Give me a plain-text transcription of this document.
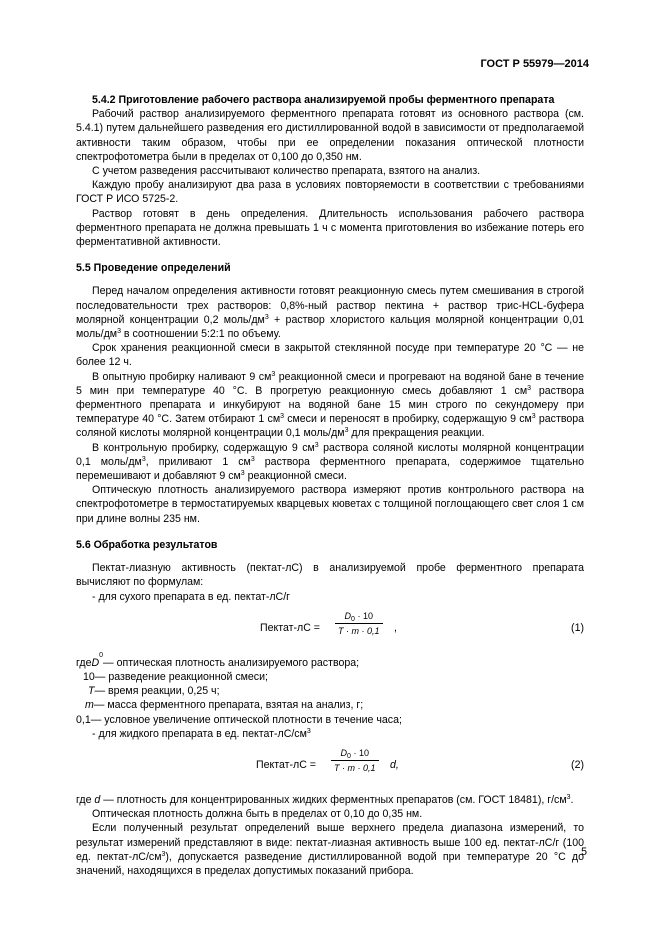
ГОСТ Р 55979—2014

5.4.2 Приготовление рабочего раствора анализируемой пробы ферментного препарата

Рабочий раствор анализируемого ферментного препарата готовят из основного раствора (см. 5.4.1) путем дальнейшего разведения его дистиллированной водой в зависимости от предполагаемой активности таким образом, чтобы при ее определении показания оптической плотности спектрофотометра были в пределах от 0,100 до 0,350 нм.

С учетом разведения рассчитывают количество препарата, взятого на анализ.

Каждую пробу анализируют два раза в условиях повторяемости в соответствии с требованиями ГОСТ Р ИСО 5725-2.

Раствор готовят в день определения. Длительность использования рабочего раствора ферментного препарата не должна превышать 1 ч с момента приготовления во избежание потерь его ферментативной активности.

5.5 Проведение определений

Перед началом определения активности готовят реакционную смесь путем смешивания в строгой последовательности трех растворов: 0,8%-ный раствор пектина + раствор трис-HCL-буфера молярной концентрации 0,2 моль/$дм^3$ + раствор хлористого кальция молярной концентрации 0,01 моль/$дм^3$ в соотношении 5:2:1 по объему.

Срок хранения реакционной смеси в закрытой стеклянной посуде при температуре 20 °С — не более 12 ч.

В опытную пробирку наливают 9 $см^3$ реакционной смеси и прогревают на водяной бане в течение 5 мин при температуре 40 °С. В прогретую реакционную смесь добавляют 1 $см^3$ раствора ферментного препарата и инкубируют на водяной бане 15 мин строго по секундомеру при температуре 40 °С. Затем отбирают 1 $см^3$ смеси и переносят в пробирку, содержащую 9 $см^3$ раствора соляной кислоты молярной концентрации 0,1 моль/$дм^3$ для прекращения реакции.

В контрольную пробирку, содержащую 9 $см^3$ раствора соляной кислоты молярной концентрации 0,1 моль/$дм^3$, приливают 1 $см^3$ раствора ферментного препарата, содержимое тщательно перемешивают и добавляют 9 $см^3$ реакционной смеси.

Оптическую плотность анализируемого раствора измеряют против контрольного раствора на спектрофотометре в термостатируемых кварцевых кюветах с толщиной поглощающего свет слоя 1 см при длине волны 235 нм.

5.6 Обработка результатов

Пектат-лиазную активность (пектат-лС) в анализируемой пробе ферментного препарата вычисляют по формулам:

- для сухого препарата в ед. пектат-лС/г

Пектат-лС = $\frac{D_0 \cdot 10}{T \cdot m \cdot 0,1}$ ,	(1)
где D
0
— оптическая плотность анализируемого раствора;
10 — разведение реакционной смеси;
T — время реакции, 0,25 ч;
m — масса ферментного препарата, взятая на анализ, г;
0,1 — условное увеличение оптической плотности в течение часа;

- для жидкого препарата в ед. пектат-$лС/см^3$

Пектат-лС = $\frac{D_0 \cdot 10}{T \cdot m \cdot 0,1} d$,	(2)

где d — плотность для концентрированных жидких ферментных препаратов (см. ГОСТ 18481), $г/см^3$.

Оптическая плотность должна быть в пределах от 0,10 до 0,35 нм.

Если полученный результат определений выше верхнего предела диапазона измерений, то результат измерений представляют в виде: пектат-лиазная активность выше 100 ед. пектат-лС/г (100 ед. пектат-$лС/см^3$), допускается разведение дистиллированной водой при температуре 20 °С до значений, находящихся в пределах допустимых показаний прибора.

5
